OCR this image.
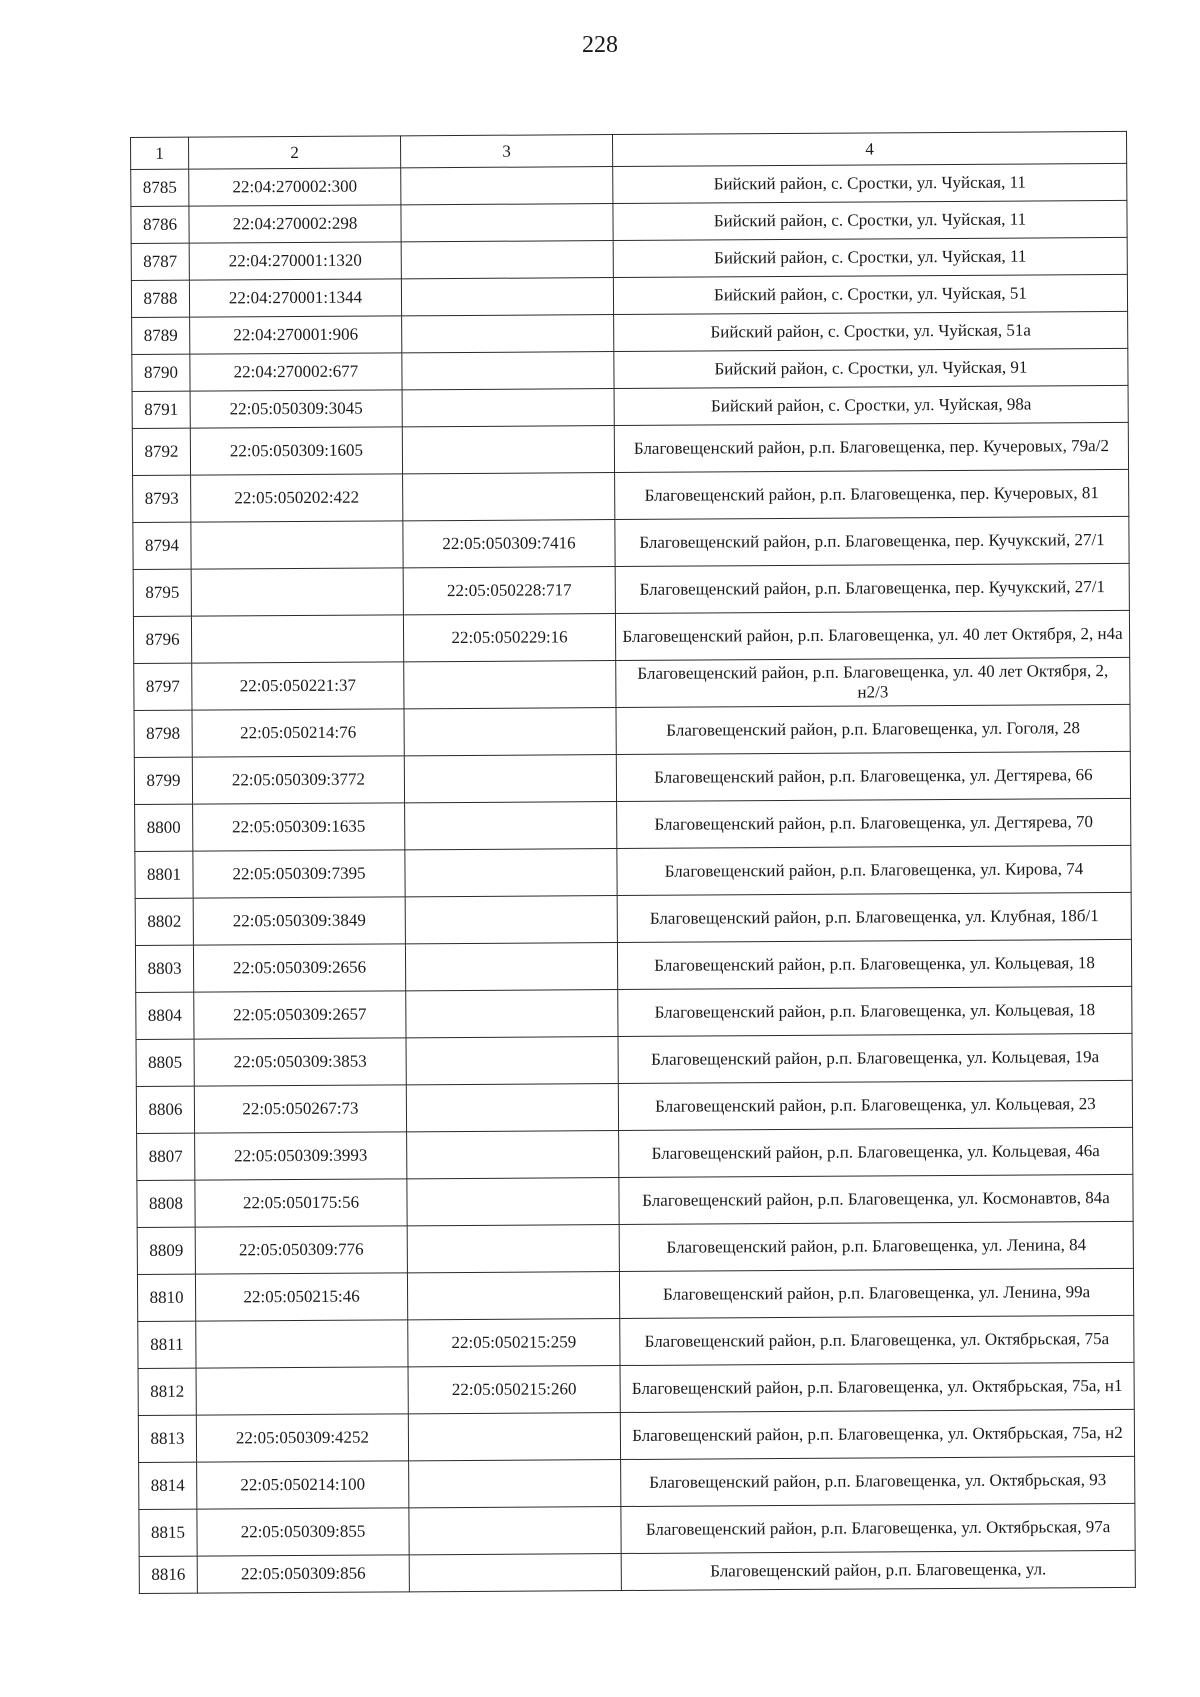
228
1	2	3	4
8785	22:04:270002:300		Бийский район, с. Сростки, ул. Чуйская, 11
8786	22:04:270002:298		Бийский район, с. Сростки, ул. Чуйская, 11
8787	22:04:270001:1320		Бийский район, с. Сростки, ул. Чуйская, 11
8788	22:04:270001:1344		Бийский район, с. Сростки, ул. Чуйская, 51
8789	22:04:270001:906		Бийский район, с. Сростки, ул. Чуйская, 51а
8790	22:04:270002:677		Бийский район, с. Сростки, ул. Чуйская, 91
8791	22:05:050309:3045		Бийский район, с. Сростки, ул. Чуйская, 98а
8792	22:05:050309:1605		Благовещенский район, р.п. Благовещенка, пер. Кучеровых, 79а/2
8793	22:05:050202:422		Благовещенский район, р.п. Благовещенка, пер. Кучеровых, 81
8794		22:05:050309:7416	Благовещенский район, р.п. Благовещенка, пер. Кучукский, 27/1
8795		22:05:050228:717	Благовещенский район, р.п. Благовещенка, пер. Кучукский, 27/1
8796		22:05:050229:16	Благовещенский район, р.п. Благовещенка, ул. 40 лет Октября, 2, н4а
8797	22:05:050221:37		Благовещенский район, р.п. Благовещенка, ул. 40 лет Октября, 2, н2/3
8798	22:05:050214:76		Благовещенский район, р.п. Благовещенка, ул. Гоголя, 28
8799	22:05:050309:3772		Благовещенский район, р.п. Благовещенка, ул. Дегтярева, 66
8800	22:05:050309:1635		Благовещенский район, р.п. Благовещенка, ул. Дегтярева, 70
8801	22:05:050309:7395		Благовещенский район, р.п. Благовещенка, ул. Кирова, 74
8802	22:05:050309:3849		Благовещенский район, р.п. Благовещенка, ул. Клубная, 18б/1
8803	22:05:050309:2656		Благовещенский район, р.п. Благовещенка, ул. Кольцевая, 18
8804	22:05:050309:2657		Благовещенский район, р.п. Благовещенка, ул. Кольцевая, 18
8805	22:05:050309:3853		Благовещенский район, р.п. Благовещенка, ул. Кольцевая, 19а
8806	22:05:050267:73		Благовещенский район, р.п. Благовещенка, ул. Кольцевая, 23
8807	22:05:050309:3993		Благовещенский район, р.п. Благовещенка, ул. Кольцевая, 46а
8808	22:05:050175:56		Благовещенский район, р.п. Благовещенка, ул. Космонавтов, 84а
8809	22:05:050309:776		Благовещенский район, р.п. Благовещенка, ул. Ленина, 84
8810	22:05:050215:46		Благовещенский район, р.п. Благовещенка, ул. Ленина, 99а
8811		22:05:050215:259	Благовещенский район, р.п. Благовещенка, ул. Октябрьская, 75а
8812		22:05:050215:260	Благовещенский район, р.п. Благовещенка, ул. Октябрьская, 75а, н1
8813	22:05:050309:4252		Благовещенский район, р.п. Благовещенка, ул. Октябрьская, 75а, н2
8814	22:05:050214:100		Благовещенский район, р.п. Благовещенка, ул. Октябрьская, 93
8815	22:05:050309:855		Благовещенский район, р.п. Благовещенка, ул. Октябрьская, 97а
8816	22:05:050309:856		Благовещенский район, р.п. Благовещенка, ул.
